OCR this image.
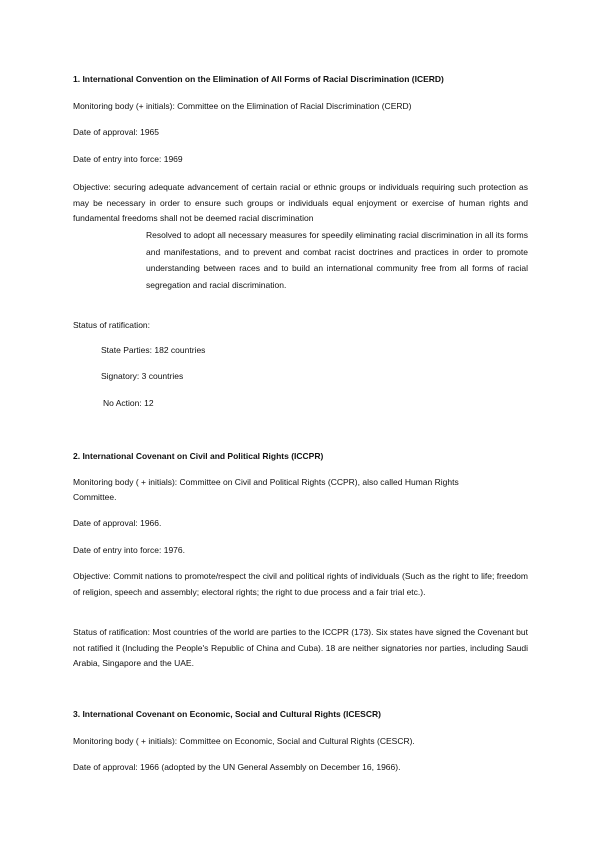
1. International Convention on the Elimination of All Forms of Racial Discrimination (ICERD)
Monitoring body (+ initials): Committee on the Elimination of Racial Discrimination (CERD)
Date of approval: 1965
Date of entry into force: 1969
Objective: securing adequate advancement of certain racial or ethnic groups or individuals requiring such protection as may be necessary in order to ensure such groups or individuals equal enjoyment or exercise of human rights and fundamental freedoms shall not be deemed racial discrimination
Resolved to adopt all necessary measures for speedily eliminating racial discrimination in all its forms and manifestations, and to prevent and combat racist doctrines and practices in order to promote understanding between races and to build an international community free from all forms of racial segregation and racial discrimination.
Status of ratification:
State Parties: 182 countries
Signatory: 3 countries
No Action: 12
2. International Covenant on Civil and Political Rights (ICCPR)
Monitoring body ( + initials): Committee on Civil and Political Rights (CCPR), also called Human Rights
Committee.
Date of approval: 1966.
Date of entry into force: 1976.
Objective: Commit nations to promote/respect the civil and political rights of individuals (Such as the right to life; freedom of religion, speech and assembly; electoral rights; the right to due process and a fair trial etc.).
Status of ratification: Most countries of the world are parties to the ICCPR (173). Six states have signed the Covenant but not ratified it (Including the People's Republic of China and Cuba). 18 are neither signatories nor parties, including Saudi Arabia, Singapore and the UAE.
3. International Covenant on Economic, Social and Cultural Rights (ICESCR)
Monitoring body ( + initials): Committee on Economic, Social and Cultural Rights (CESCR).
Date of approval: 1966 (adopted by the UN General Assembly on December 16, 1966).
